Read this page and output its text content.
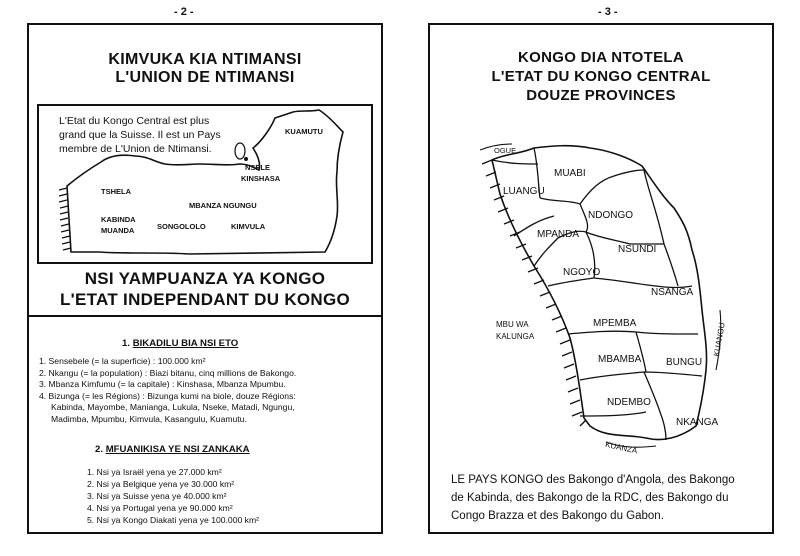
- 2 -	- 3 -
KIMVUKA KIA NTIMANSI
L'UNION DE NTIMANSI
L'Etat du Kongo Central est plus
grand que la Suisse. Il est un Pays
membre de L'Union de Ntimansi.
KUAMUTU
NSELE
KINSHASA
TSHELA
MBANZA NGUNGU
KABINDA
SONGOLOLO	KIMVULA
MUANDA
NSI YAMPUANZA YA KONGO
L'ETAT INDEPENDANT DU KONGO
1. BIKADILU BIA NSI ETO
1. Sensebele (= la superficie) : 100.000 km²
2. Nkangu (= la population) : Biazi bitanu, cinq millions de Bakongo.
3. Mbanza Kimfumu (= la capitale) : Kinshasa, Mbanza Mpumbu.
4. Bizunga (= les Régions) : Bizunga kumi na biole, douze Régions:
Kabinda, Mayombe, Manianga, Lukula, Nseke, Matadi, Ngungu,
Madimba, Mpumbu, Kimvula, Kasangulu, Kuamutu.
2. MFUANIKISA YE NSI ZANKAKA
1. Nsi ya Israël yena ye 27.000 km²
2. Nsi ya Belgique yena ye 30.000 km²
3. Nsi ya Suisse yena ye 40.000 km²
4. Nsi ya Portugal yena ye 90.000 km²
5. Nsi ya Kongo Diakati yena ye 100.000 km²
KONGO DIA NTOTELA
L'ETAT DU KONGO CENTRAL
DOUZE PROVINCES
OGUE
MUABI
LUANGU
NDONGO
MPANDA
NSUNDI
NGOYO
NSANGA
MBU WA
KALUNGA
MPEMBA	KUANGU
MBAMBA BUNGU
NDEMBO
NKANGA
KUANZA
LE PAYS KONGO des Bakongo d'Angola, des Bakongo
de Kabinda, des Bakongo de la RDC, des Bakongo du
Congo Brazza et des Bakongo du Gabon.
